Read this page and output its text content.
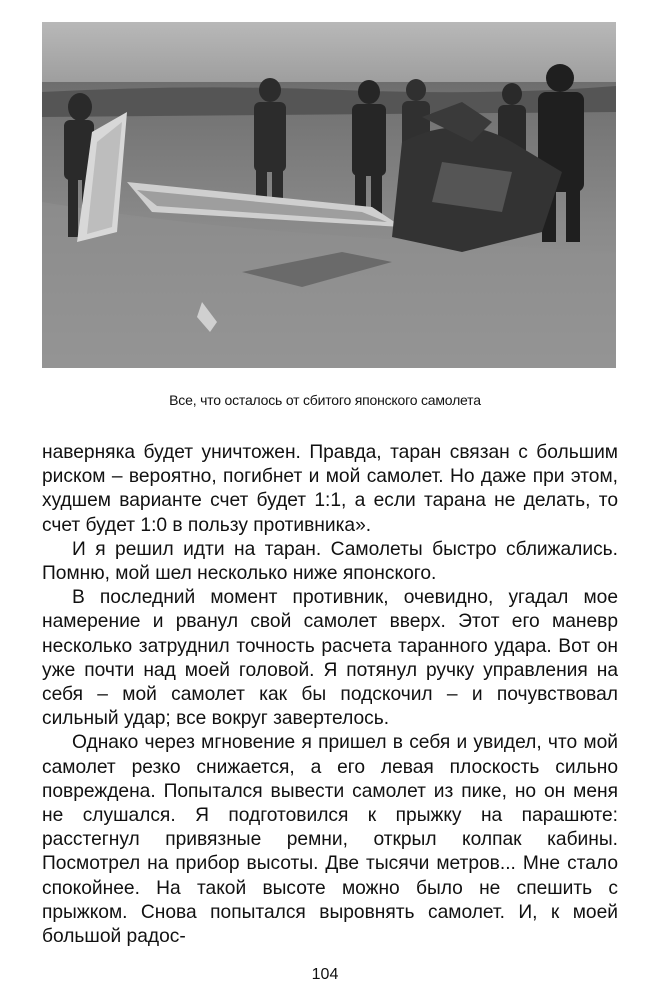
Все, что осталось от сбитого японского самолета

наверняка будет уничтожен. Правда, таран связан с большим риском – вероятно, погибнет и мой самолет. Но даже при этом, худшем варианте счет будет 1:1, а если тарана не делать, то счет будет 1:0 в пользу противника».

И я решил идти на таран. Самолеты быстро сближались. Помню, мой шел несколько ниже японского.

В последний момент противник, очевидно, угадал мое намерение и рванул свой самолет вверх. Этот его маневр несколько затруднил точность расчета таранного удара. Вот он уже почти над моей головой. Я потянул ручку управления на себя – мой самолет как бы подскочил – и почувствовал сильный удар; все вокруг завертелось.

Однако через мгновение я пришел в себя и увидел, что мой самолет резко снижается, а его левая плоскость сильно повреждена. Попытался вывести самолет из пике, но он меня не слушался. Я подготовился к прыжку на парашюте: расстегнул привязные ремни, открыл колпак кабины. Посмотрел на прибор высоты. Две тысячи метров... Мне стало спокойнее. На такой высоте можно было не спешить с прыжком. Снова попытался выровнять самолет. И, к моей большой радос-

104
